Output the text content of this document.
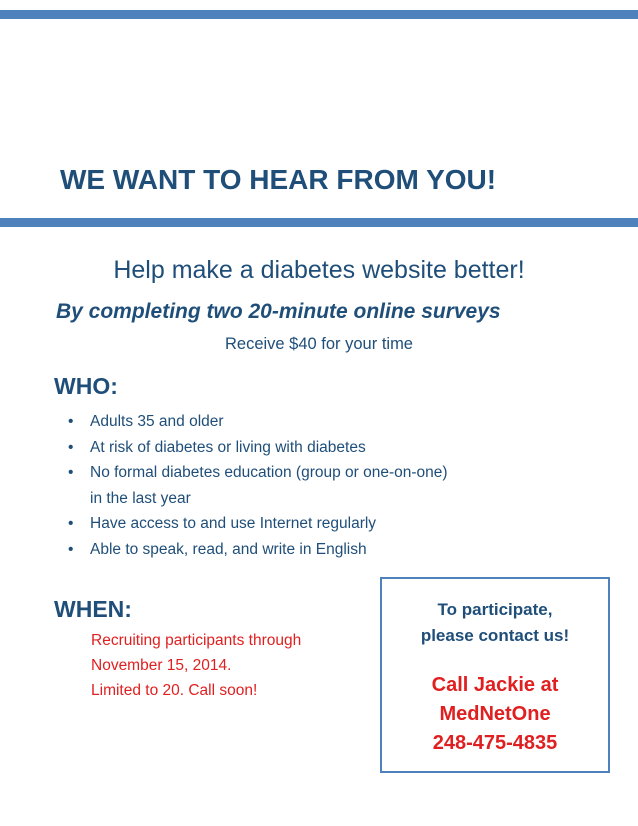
WE WANT TO HEAR FROM YOU!

Help make a diabetes website better!

By completing two 20-minute online surveys

Receive $40 for your time

WHO:
• Adults 35 and older
• At risk of diabetes or living with diabetes
• No formal diabetes education (group or one-on-one)
in the last year
• Have access to and use Internet regularly
• Able to speak, read, and write in English
WHEN:
Recruiting participants through
November 15, 2014.
Limited to 20. Call soon!
To participate,
please contact us!
Call Jackie at
MedNetOne
248-475-4835
